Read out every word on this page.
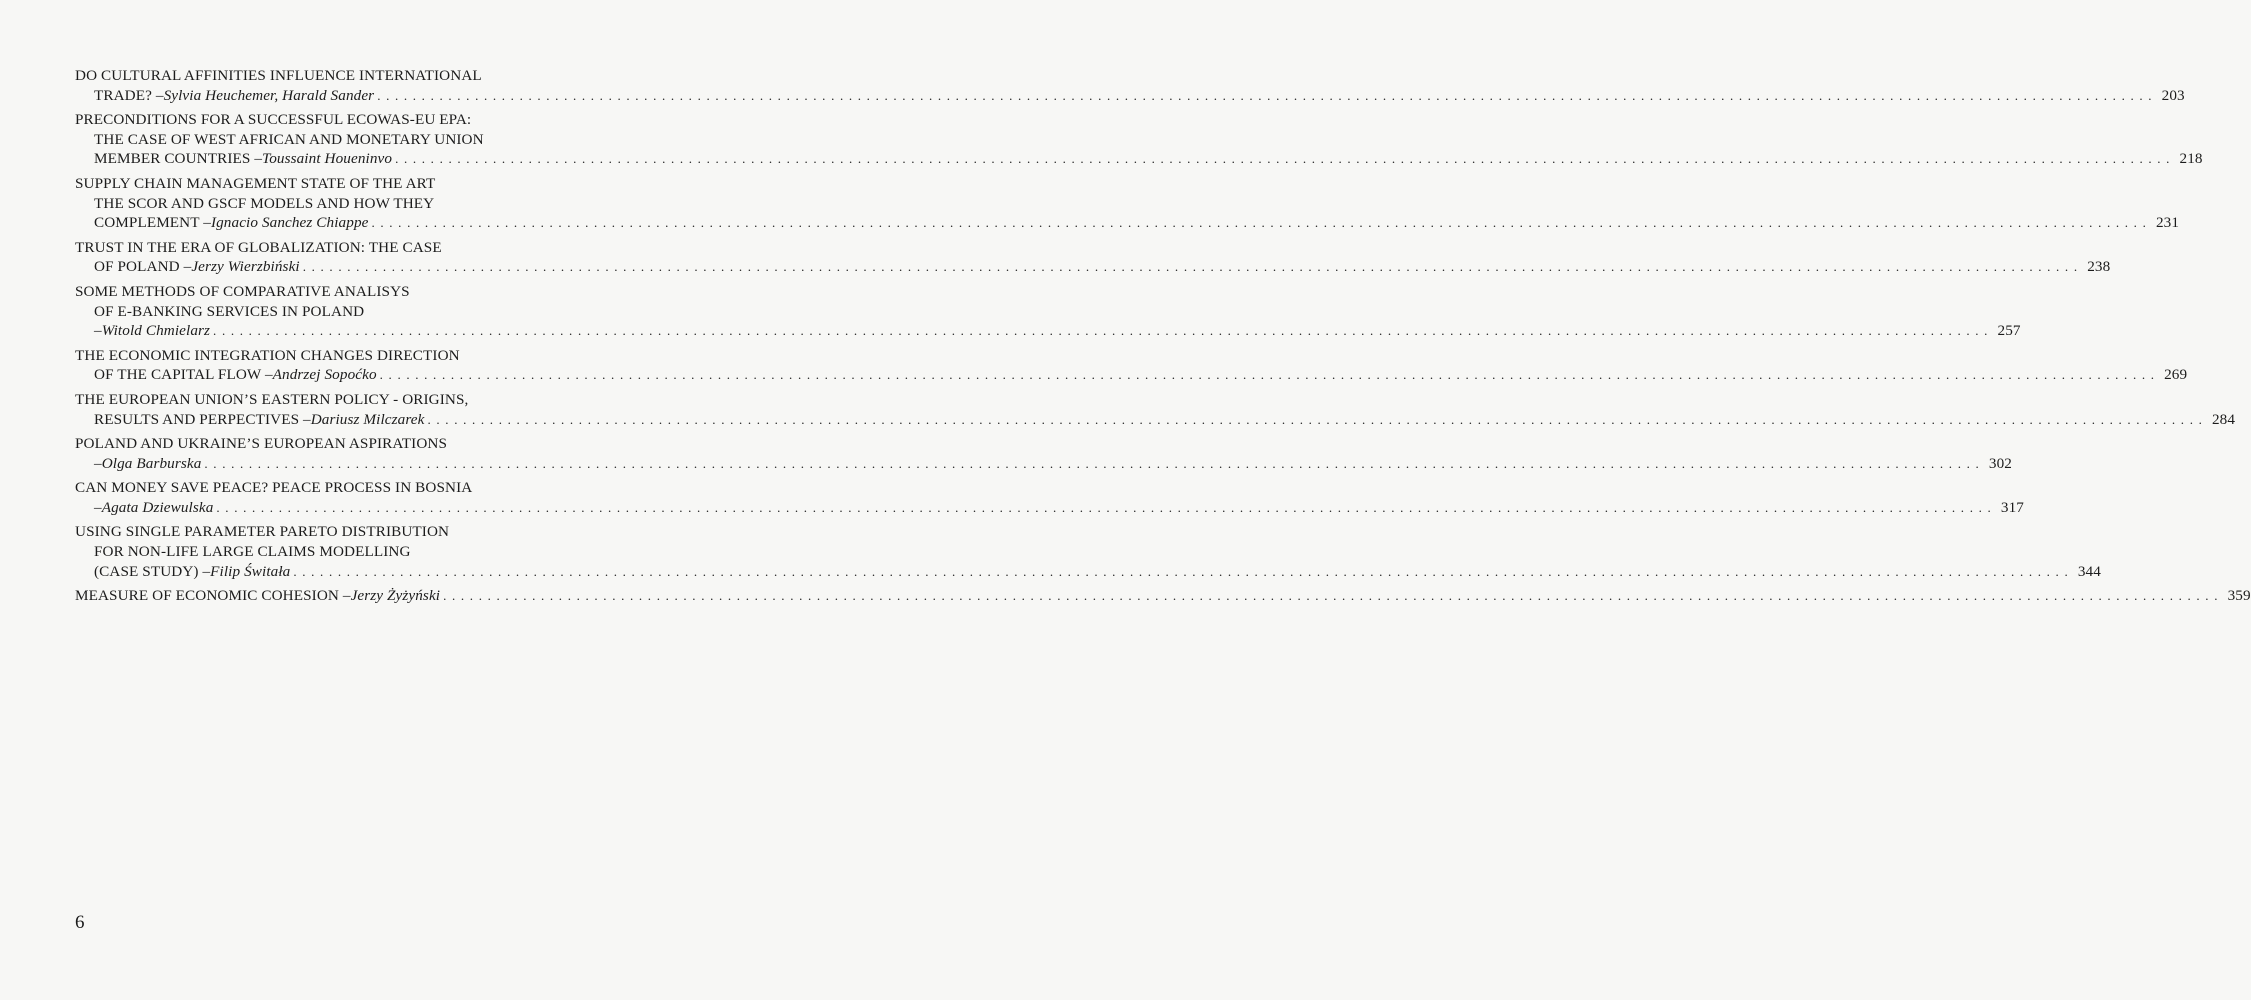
DO CULTURAL AFFINITIES INFLUENCE INTERNATIONAL
TRADE? – Sylvia Heuchemer, Harald Sander . . . . . . . . . . . . . . . . . . . . . . . . . . . . . . . . . . . . . . . . . . . . . . . . . . . . . . . . . . . . . . . . . . . . . . . . . . . . . . . . . . . . . . . . . . . . . . . . . . . . . . . . . . . . . . . . . . . . . . . . . . . . . . . . . . . . . . . . . . . . . . . . . . . . . . . . . . . . . . . . . . . . . . . . . . . . . . . . . . . . . . . . . . . . . . . . . . . . . . . . 203
PRECONDITIONS FOR A SUCCESSFUL ECOWAS-EU EPA:
THE CASE OF WEST AFRICAN AND MONETARY UNION
MEMBER COUNTRIES – Toussaint Houeninvo . . . . . . . . . . . . . . . . . . . . . . . . . . . . . . . . . . . . . . . . . . . . . . . . . . . . . . . . . . . . . . . . . . . . . . . . . . . . . . . . . . . . . . . . . . . . . . . . . . . . . . . . . . . . . . . . . . . . . . . . . . . . . . . . . . . . . . . . . . . . . . . . . . . . . . . . . . . . . . . . . . . . . . . . . . . . . . . . . . . . . . . . . . . . . . . . . . . . . . . . 218
SUPPLY CHAIN MANAGEMENT STATE OF THE ART
THE SCOR AND GSCF MODELS AND HOW THEY
COMPLEMENT – Ignacio Sanchez Chiappe . . . . . . . . . . . . . . . . . . . . . . . . . . . . . . . . . . . . . . . . . . . . . . . . . . . . . . . . . . . . . . . . . . . . . . . . . . . . . . . . . . . . . . . . . . . . . . . . . . . . . . . . . . . . . . . . . . . . . . . . . . . . . . . . . . . . . . . . . . . . . . . . . . . . . . . . . . . . . . . . . . . . . . . . . . . . . . . . . . . . . . . . . . . . . . . . . . . . . . . . 231
TRUST IN THE ERA OF GLOBALIZATION: THE CASE
OF POLAND – Jerzy Wierzbiński . . . . . . . . . . . . . . . . . . . . . . . . . . . . . . . . . . . . . . . . . . . . . . . . . . . . . . . . . . . . . . . . . . . . . . . . . . . . . . . . . . . . . . . . . . . . . . . . . . . . . . . . . . . . . . . . . . . . . . . . . . . . . . . . . . . . . . . . . . . . . . . . . . . . . . . . . . . . . . . . . . . . . . . . . . . . . . . . . . . . . . . . . . . . . . . . . . . . . . . . 238
SOME METHODS OF COMPARATIVE ANALISYS
OF E-BANKING SERVICES IN POLAND
– Witold Chmielarz . . . . . . . . . . . . . . . . . . . . . . . . . . . . . . . . . . . . . . . . . . . . . . . . . . . . . . . . . . . . . . . . . . . . . . . . . . . . . . . . . . . . . . . . . . . . . . . . . . . . . . . . . . . . . . . . . . . . . . . . . . . . . . . . . . . . . . . . . . . . . . . . . . . . . . . . . . . . . . . . . . . . . . . . . . . . . . . . . . . . . . . . . . . . . . . . . . . . . . . . 257
THE ECONOMIC INTEGRATION CHANGES DIRECTION
OF THE CAPITAL FLOW – Andrzej Sopoćko . . . . . . . . . . . . . . . . . . . . . . . . . . . . . . . . . . . . . . . . . . . . . . . . . . . . . . . . . . . . . . . . . . . . . . . . . . . . . . . . . . . . . . . . . . . . . . . . . . . . . . . . . . . . . . . . . . . . . . . . . . . . . . . . . . . . . . . . . . . . . . . . . . . . . . . . . . . . . . . . . . . . . . . . . . . . . . . . . . . . . . . . . . . . . . . . . . . . . . . . 269
THE EUROPEAN UNION’S EASTERN POLICY - ORIGINS,
RESULTS AND PERPECTIVES – Dariusz Milczarek . . . . . . . . . . . . . . . . . . . . . . . . . . . . . . . . . . . . . . . . . . . . . . . . . . . . . . . . . . . . . . . . . . . . . . . . . . . . . . . . . . . . . . . . . . . . . . . . . . . . . . . . . . . . . . . . . . . . . . . . . . . . . . . . . . . . . . . . . . . . . . . . . . . . . . . . . . . . . . . . . . . . . . . . . . . . . . . . . . . . . . . . . . . . . . . . . . . . . . . . 284
POLAND AND UKRAINE’S EUROPEAN ASPIRATIONS
– Olga Barburska . . . . . . . . . . . . . . . . . . . . . . . . . . . . . . . . . . . . . . . . . . . . . . . . . . . . . . . . . . . . . . . . . . . . . . . . . . . . . . . . . . . . . . . . . . . . . . . . . . . . . . . . . . . . . . . . . . . . . . . . . . . . . . . . . . . . . . . . . . . . . . . . . . . . . . . . . . . . . . . . . . . . . . . . . . . . . . . . . . . . . . . . . . . . . . . . . . . . . . . . 302
CAN MONEY SAVE PEACE? PEACE PROCESS IN BOSNIA
– Agata Dziewulska . . . . . . . . . . . . . . . . . . . . . . . . . . . . . . . . . . . . . . . . . . . . . . . . . . . . . . . . . . . . . . . . . . . . . . . . . . . . . . . . . . . . . . . . . . . . . . . . . . . . . . . . . . . . . . . . . . . . . . . . . . . . . . . . . . . . . . . . . . . . . . . . . . . . . . . . . . . . . . . . . . . . . . . . . . . . . . . . . . . . . . . . . . . . . . . . . . . . . . . . 317
USING SINGLE PARAMETER PARETO DISTRIBUTION
FOR NON-LIFE LARGE CLAIMS MODELLING
(CASE STUDY) – Filip Świtała . . . . . . . . . . . . . . . . . . . . . . . . . . . . . . . . . . . . . . . . . . . . . . . . . . . . . . . . . . . . . . . . . . . . . . . . . . . . . . . . . . . . . . . . . . . . . . . . . . . . . . . . . . . . . . . . . . . . . . . . . . . . . . . . . . . . . . . . . . . . . . . . . . . . . . . . . . . . . . . . . . . . . . . . . . . . . . . . . . . . . . . . . . . . . . . . . . . . . . . . 344
MEASURE OF ECONOMIC COHESION – Jerzy Żyżyński . . . . . . . . . . . . . . . . . . . . . . . . . . . . . . . . . . . . . . . . . . . . . . . . . . . . . . . . . . . . . . . . . . . . . . . . . . . . . . . . . . . . . . . . . . . . . . . . . . . . . . . . . . . . . . . . . . . . . . . . . . . . . . . . . . . . . . . . . . . . . . . . . . . . . . . . . . . . . . . . . . . . . . . . . . . . . . . . . . . . . . . . . . . . . . . . . . . . . . . . 359
6
